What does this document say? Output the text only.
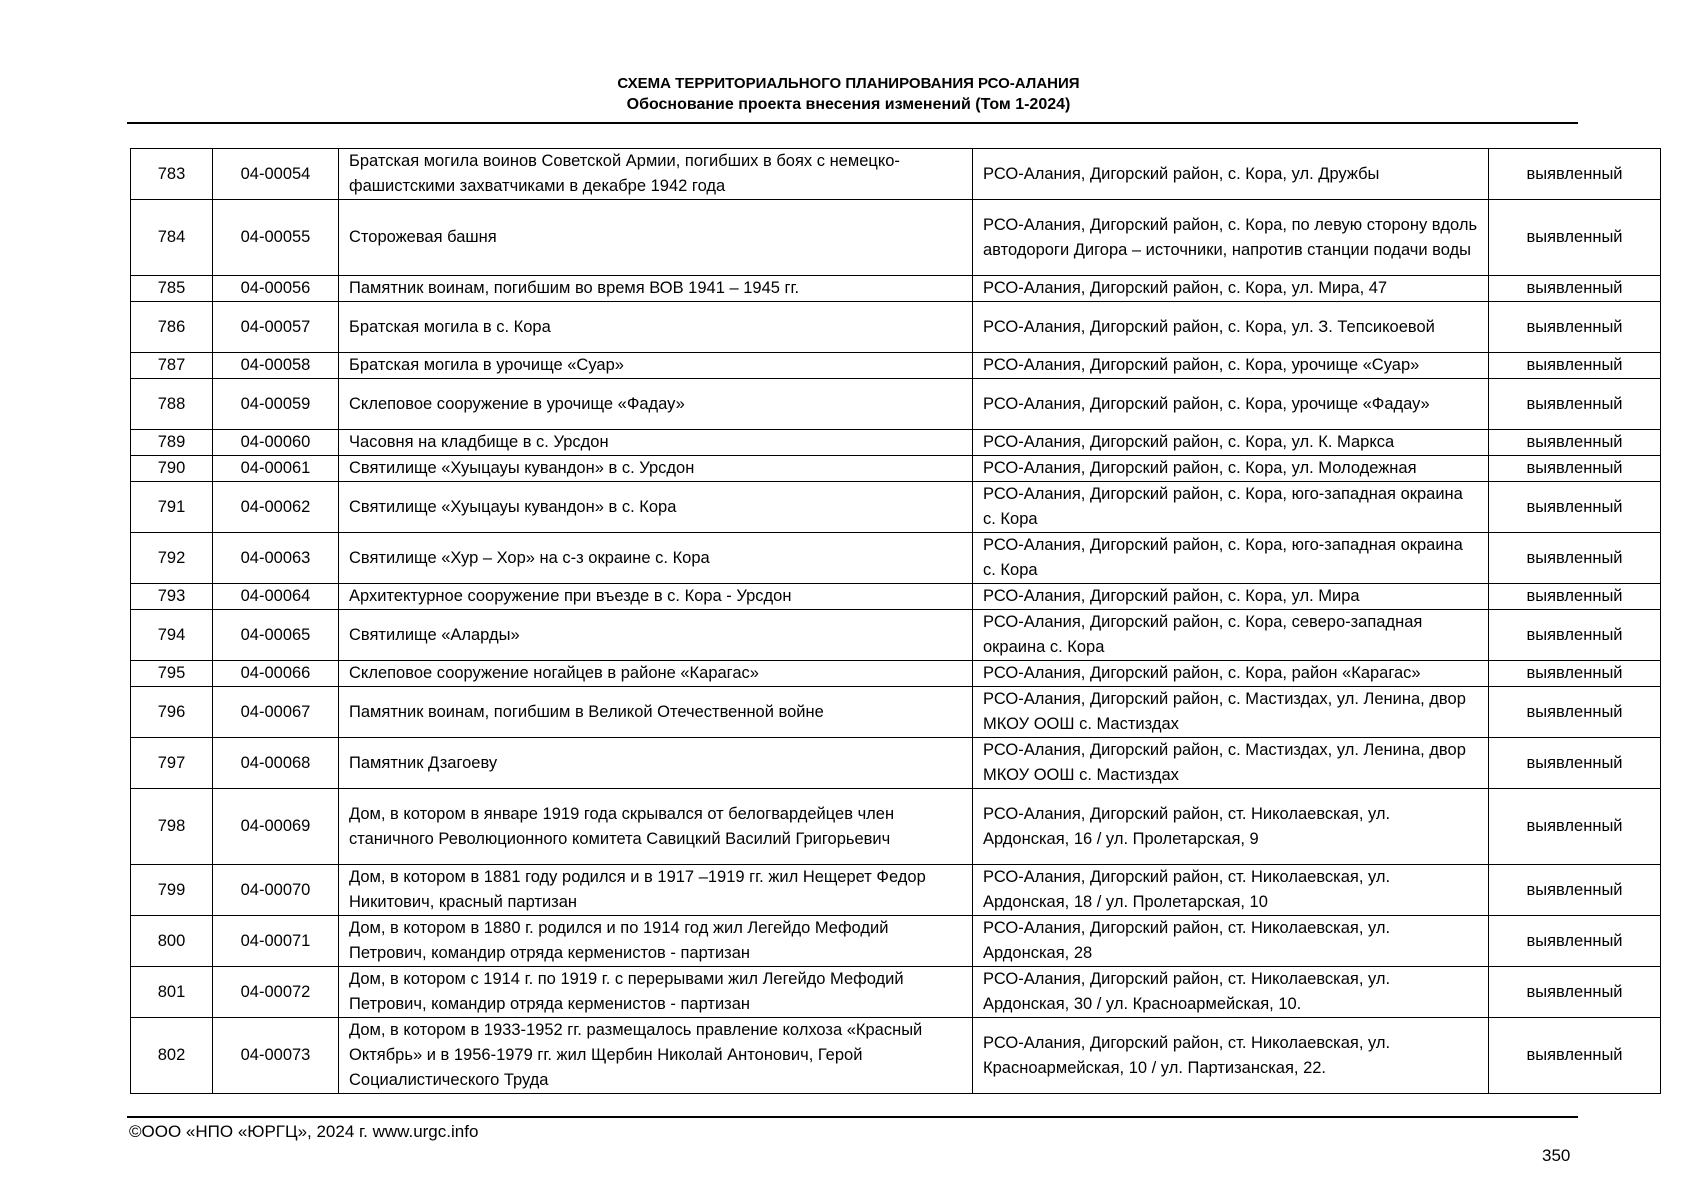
СХЕМА ТЕРРИТОРИАЛЬНОГО ПЛАНИРОВАНИЯ РСО-АЛАНИЯ
Обоснование проекта внесения изменений (Том 1-2024)
783	04-00054	Братская могила воинов Советской Армии, погибших в боях с немецко-фашистскими захватчиками в декабре 1942 года	РСО-Алания, Дигорский район, с. Кора, ул. Дружбы	выявленный
784	04-00055	Сторожевая башня	РСО-Алания, Дигорский район, с. Кора, по левую сторону вдоль автодороги Дигора – источники, напротив станции подачи воды	выявленный
785	04-00056	Памятник воинам, погибшим во время ВОВ 1941 – 1945 гг.	РСО-Алания, Дигорский район, с. Кора, ул. Мира, 47	выявленный
786	04-00057	Братская могила в с. Кора	РСО-Алания, Дигорский район, с. Кора, ул. З. Тепсикоевой	выявленный
787	04-00058	Братская могила в урочище «Суар»	РСО-Алания, Дигорский район, с. Кора, урочище «Суар»	выявленный
788	04-00059	Склеповое сооружение в урочище «Фадау»	РСО-Алания, Дигорский район, с. Кора, урочище «Фадау»	выявленный
789	04-00060	Часовня на кладбище в с. Урсдон	РСО-Алания, Дигорский район, с. Кора, ул. К. Маркса	выявленный
790	04-00061	Святилище «Хуыцауы кувандон» в с. Урсдон	РСО-Алания, Дигорский район, с. Кора, ул. Молодежная	выявленный
791	04-00062	Святилище «Хуыцауы кувандон» в с. Кора	РСО-Алания, Дигорский район, с. Кора, юго-западная окраина с. Кора	выявленный
792	04-00063	Святилище «Хур – Хор» на с-з окраине с. Кора	РСО-Алания, Дигорский район, с. Кора, юго-западная окраина с. Кора	выявленный
793	04-00064	Архитектурное сооружение при въезде в с. Кора - Урсдон	РСО-Алания, Дигорский район, с. Кора, ул. Мира	выявленный
794	04-00065	Святилище «Аларды»	РСО-Алания, Дигорский район, с. Кора, северо-западная окраина с. Кора	выявленный
795	04-00066	Склеповое сооружение ногайцев в районе «Карагас»	РСО-Алания, Дигорский район, с. Кора, район «Карагас»	выявленный
796	04-00067	Памятник воинам, погибшим в Великой Отечественной войне	РСО-Алания, Дигорский район, с. Мастиздах, ул. Ленина, двор МКОУ ООШ с. Мастиздах	выявленный
797	04-00068	Памятник Дзагоеву	РСО-Алания, Дигорский район, с. Мастиздах, ул. Ленина, двор МКОУ ООШ с. Мастиздах	выявленный
798	04-00069	Дом, в котором в январе 1919 года скрывался от белогвардейцев член станичного Революционного комитета Савицкий Василий Григорьевич	РСО-Алания, Дигорский район, ст. Николаевская, ул. Ардонская, 16 / ул. Пролетарская, 9	выявленный
799	04-00070	Дом, в котором в 1881 году родился и в 1917 –1919 гг. жил Нещерет Федор Никитович, красный партизан	РСО-Алания, Дигорский район, ст. Николаевская, ул. Ардонская, 18 / ул. Пролетарская, 10	выявленный
800	04-00071	Дом, в котором в 1880 г. родился и по 1914 год жил Легейдо Мефодий Петрович, командир отряда керменистов - партизан	РСО-Алания, Дигорский район, ст. Николаевская, ул. Ардонская, 28	выявленный
801	04-00072	Дом, в котором с 1914 г. по 1919 г. с перерывами жил Легейдо Мефодий Петрович, командир отряда керменистов - партизан	РСО-Алания, Дигорский район, ст. Николаевская, ул. Ардонская, 30 / ул. Красноармейская, 10.	выявленный
802	04-00073	Дом, в котором в 1933-1952 гг. размещалось правление колхоза «Красный Октябрь» и в 1956-1979 гг. жил Щербин Николай Антонович, Герой Социалистического Труда	РСО-Алания, Дигорский район, ст. Николаевская, ул. Красноармейская, 10 / ул. Партизанская, 22.	выявленный
©ООО «НПО «ЮРГЦ», 2024 г. www.urgc.info
350
